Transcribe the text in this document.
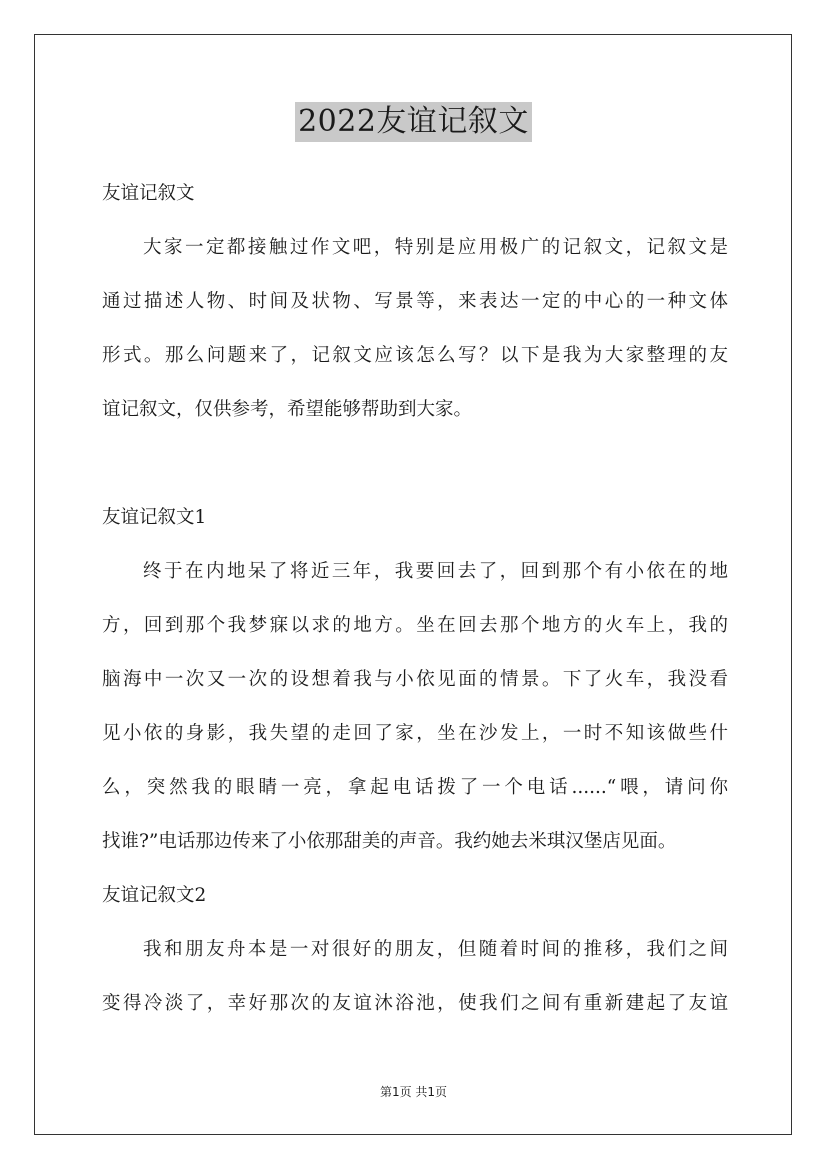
2022友谊记叙文
友谊记叙文
大家一定都接触过作文吧，特别是应用极广的记叙文，记叙文是
通过描述人物、时间及状物、写景等，来表达一定的中心的一种文体
形式。那么问题来了，记叙文应该怎么写？以下是我为大家整理的友
谊记叙文，仅供参考，希望能够帮助到大家。
友谊记叙文1
终于在内地呆了将近三年，我要回去了，回到那个有小依在的地
方，回到那个我梦寐以求的地方。坐在回去那个地方的火车上，我的
脑海中一次又一次的设想着我与小依见面的情景。下了火车，我没看
见小依的身影，我失望的走回了家，坐在沙发上，一时不知该做些什
么，突然我的眼睛一亮，拿起电话拨了一个电话......“喂，请问你
找谁?”电话那边传来了小依那甜美的声音。我约她去米琪汉堡店见面。
友谊记叙文2
我和朋友舟本是一对很好的朋友，但随着时间的推移，我们之间
变得冷淡了，幸好那次的友谊沐浴池，使我们之间有重新建起了友谊
第1页 共1页
